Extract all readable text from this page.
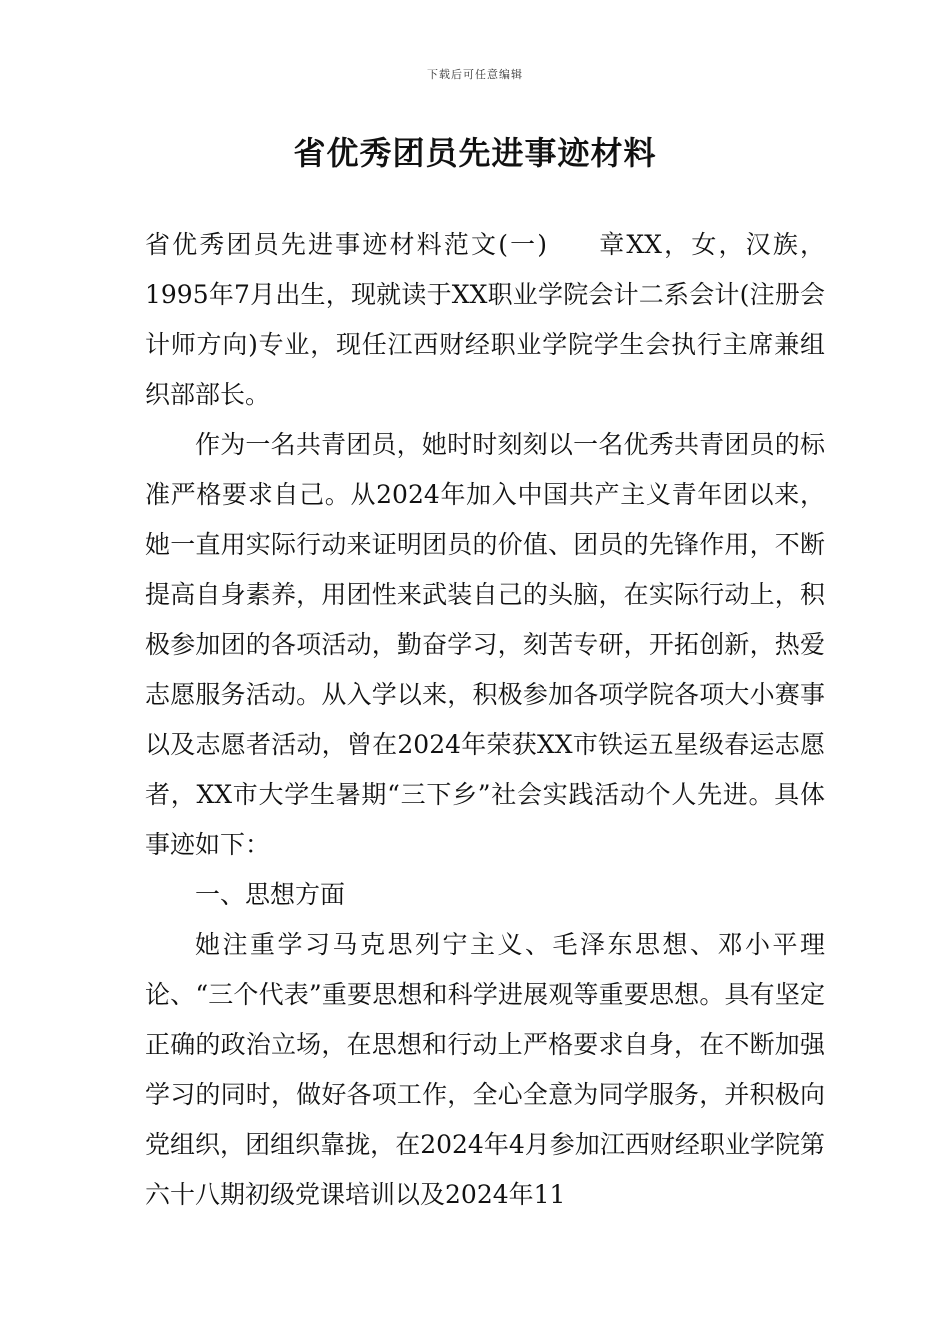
下载后可任意编辑
省优秀团员先进事迹材料

省优秀团员先进事迹材料范文(一) 章XX，女，汉族，1995年7月出生，现就读于XX职业学院会计二系会计(注册会计师方向)专业，现任江西财经职业学院学生会执行主席兼组织部部长。

作为一名共青团员，她时时刻刻以一名优秀共青团员的标准严格要求自己。从2024年加入中国共产主义青年团以来，她一直用实际行动来证明团员的价值、团员的先锋作用，不断提高自身素养，用团性来武装自己的头脑，在实际行动上，积极参加团的各项活动，勤奋学习，刻苦专研，开拓创新，热爱志愿服务活动。从入学以来，积极参加各项学院各项大小赛事以及志愿者活动，曾在2024年荣获XX市铁运五星级春运志愿者，XX市大学生暑期“三下乡”社会实践活动个人先进。具体事迹如下：

一、思想方面

她注重学习马克思列宁主义、毛泽东思想、邓小平理论、“三个代表”重要思想和科学进展观等重要思想。具有坚定正确的政治立场，在思想和行动上严格要求自身，在不断加强学习的同时，做好各项工作，全心全意为同学服务，并积极向党组织，团组织靠拢，在2024年4月参加江西财经职业学院第六十八期初级党课培训以及2024年11
